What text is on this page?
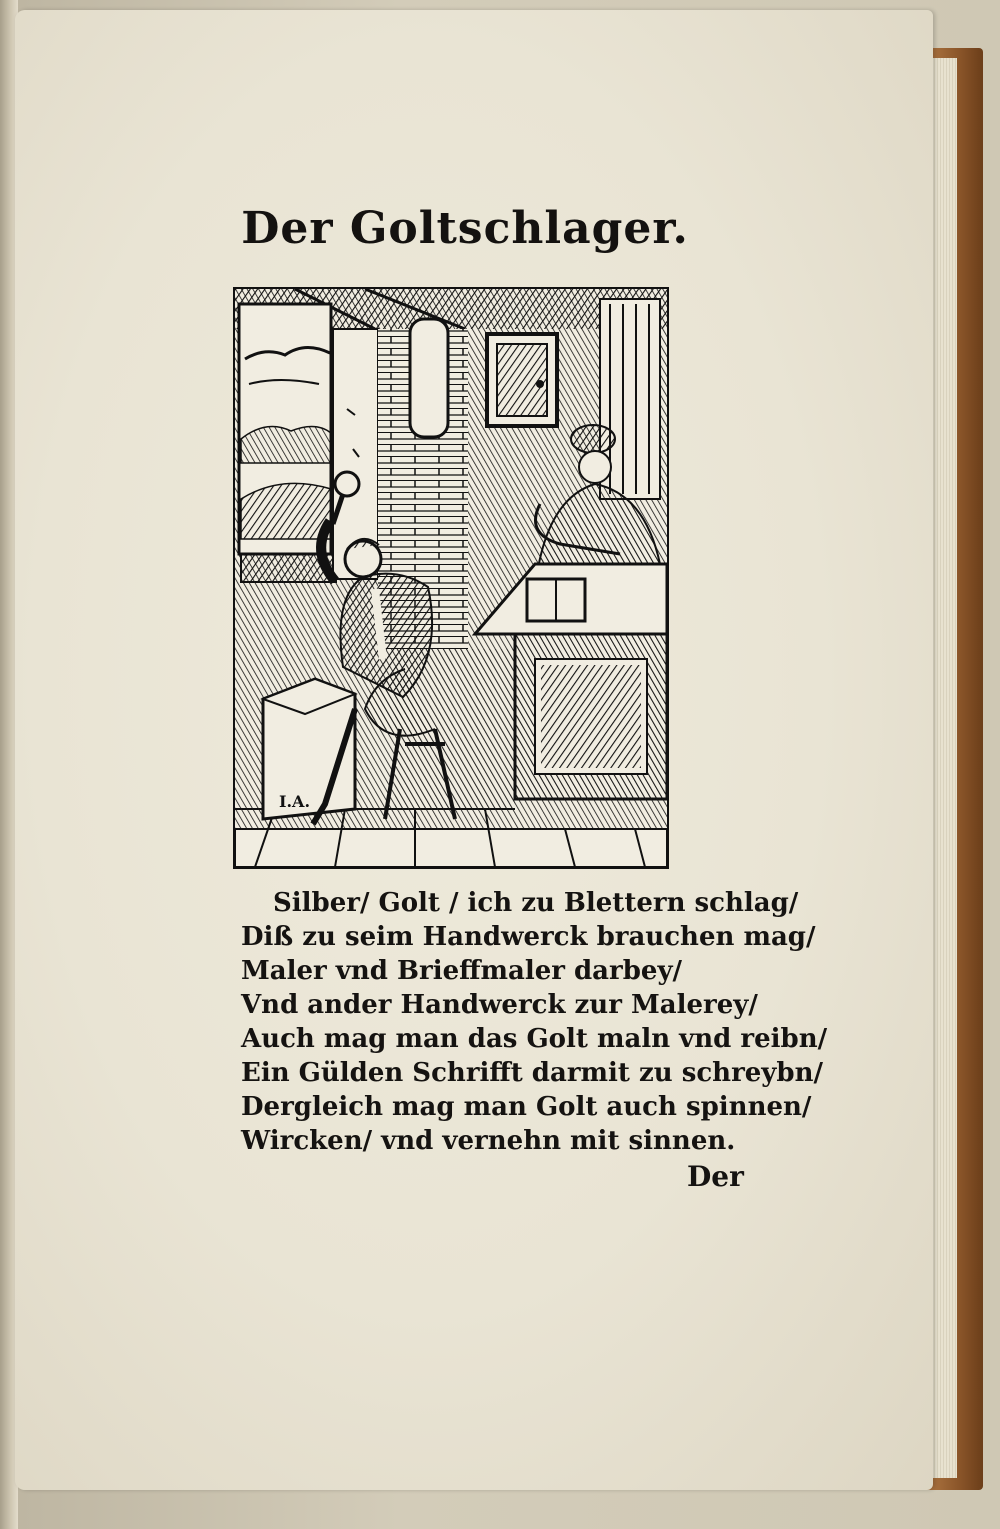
Der Goltschlager.
I.A.
Silber/ Golt / ich zu Blettern schlag/
Diß zu seim Handwerck brauchen mag/
Maler vnd Brieffmaler darbey/
Vnd ander Handwerck zur Malerey/
Auch mag man das Golt maln vnd reibn/
Ein Gülden Schrifft darmit zu schreybn/
Dergleich mag man Golt auch spinnen/
Wircken/ vnd vernehn mit sinnen.
Der
